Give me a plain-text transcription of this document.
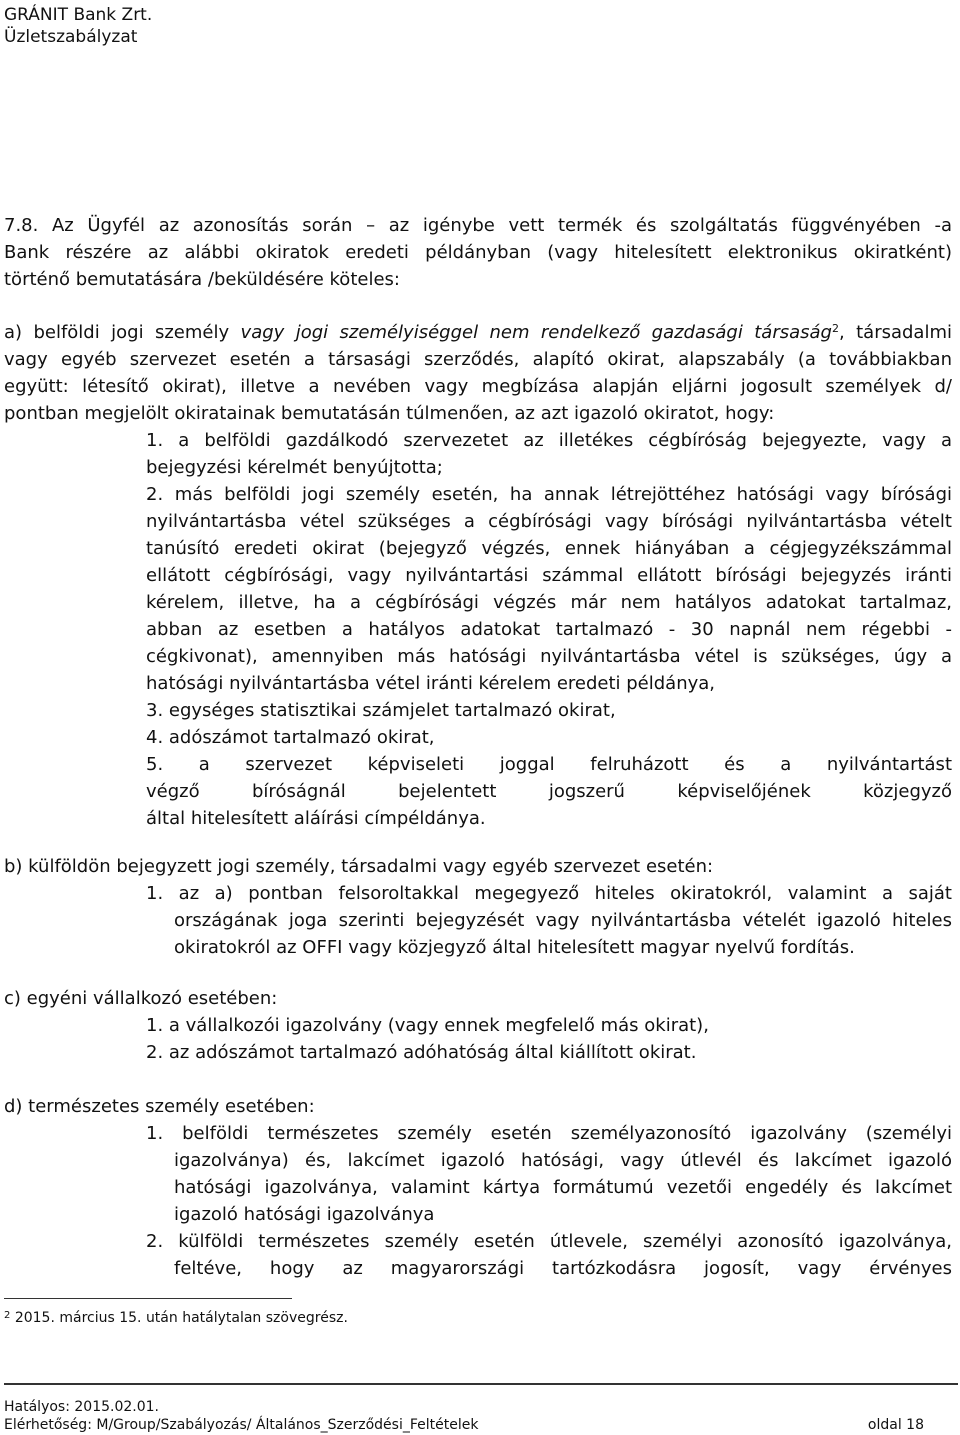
GRÁNIT Bank Zrt.
Üzletszabályzat
7.8. Az Ügyfél az azonosítás során – az igénybe vett termék és szolgáltatás függvényében -a
Bank részére az alábbi okiratok eredeti példányban (vagy hitelesített elektronikus okiratként)
történő bemutatására /beküldésére köteles:
a) belföldi jogi személy vagy jogi személyiséggel nem rendelkező gazdasági társaság$^2$, társadalmi
vagy egyéb szervezet esetén a társasági szerződés, alapító okirat, alapszabály (a továbbiakban
együtt: létesítő okirat), illetve a nevében vagy megbízása alapján eljárni jogosult személyek d/
pontban megjelölt okiratainak bemutatásán túlmenően, az azt igazoló okiratot, hogy:
1. a belföldi gazdálkodó szervezetet az illetékes cégbíróság bejegyezte, vagy a
bejegyzési kérelmét benyújtotta;
2. más belföldi jogi személy esetén, ha annak létrejöttéhez hatósági vagy bírósági
nyilvántartásba vétel szükséges a cégbírósági vagy bírósági nyilvántartásba vételt
tanúsító eredeti okirat (bejegyző végzés, ennek hiányában a cégjegyzékszámmal
ellátott cégbírósági, vagy nyilvántartási számmal ellátott bírósági bejegyzés iránti
kérelem, illetve, ha a cégbírósági végzés már nem hatályos adatokat tartalmaz,
abban az esetben a hatályos adatokat tartalmazó - 30 napnál nem régebbi -
cégkivonat), amennyiben más hatósági nyilvántartásba vétel is szükséges, úgy a
hatósági nyilvántartásba vétel iránti kérelem eredeti példánya,
3. egységes statisztikai számjelet tartalmazó okirat,
4. adószámot tartalmazó okirat,
5. a szervezet képviseleti joggal felruházott és a nyilvántartást
végző bíróságnál bejelentett jogszerű képviselőjének közjegyző
által hitelesített aláírási címpéldánya.
b) külföldön bejegyzett jogi személy, társadalmi vagy egyéb szervezet esetén:
1. az a) pontban felsoroltakkal megegyező hiteles okiratokról, valamint a saját
országának joga szerinti bejegyzését vagy nyilvántartásba vételét igazoló hiteles
okiratokról az OFFI vagy közjegyző által hitelesített magyar nyelvű fordítás.
c) egyéni vállalkozó esetében:
1. a vállalkozói igazolvány (vagy ennek megfelelő más okirat),
2. az adószámot tartalmazó adóhatóság által kiállított okirat.
d) természetes személy esetében:
1. belföldi természetes személy esetén személyazonosító igazolvány (személyi
igazolványa) és, lakcímet igazoló hatósági, vagy útlevél és lakcímet igazoló
hatósági igazolványa, valamint kártya formátumú vezetői engedély és lakcímet
igazoló hatósági igazolványa
2. külföldi természetes személy esetén útlevele, személyi azonosító igazolványa,
feltéve, hogy az magyarországi tartózkodásra jogosít, vagy érvényes
$^2$ 2015. március 15. után hatálytalan szövegrész.
Hatályos: 2015.02.01.
Elérhetőség: M/Group/Szabályozás/ Általános_Szerződési_Feltételek	oldal 18
